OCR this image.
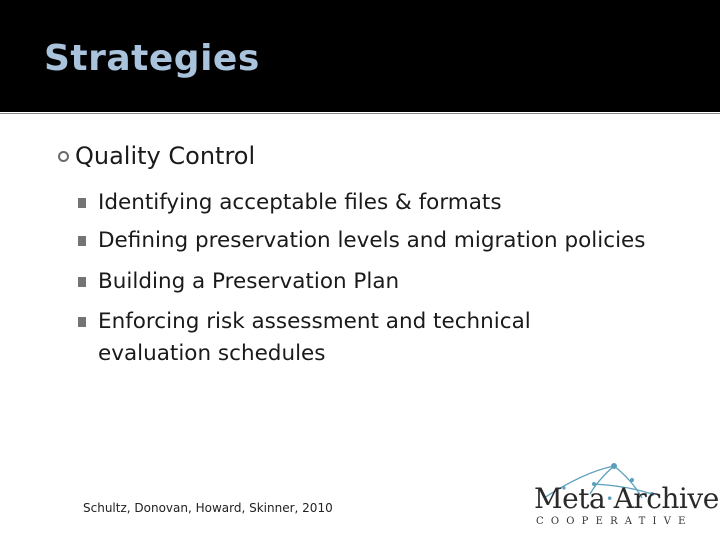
Strategies
Quality Control
Identifying acceptable files & formats
Defining preservation levels and migration policies
Building a Preservation Plan
Enforcing risk assessment and technical evaluation schedules
Schultz, Donovan, Howard, Skinner, 2010	Meta·Archive
COOPERATIVE
